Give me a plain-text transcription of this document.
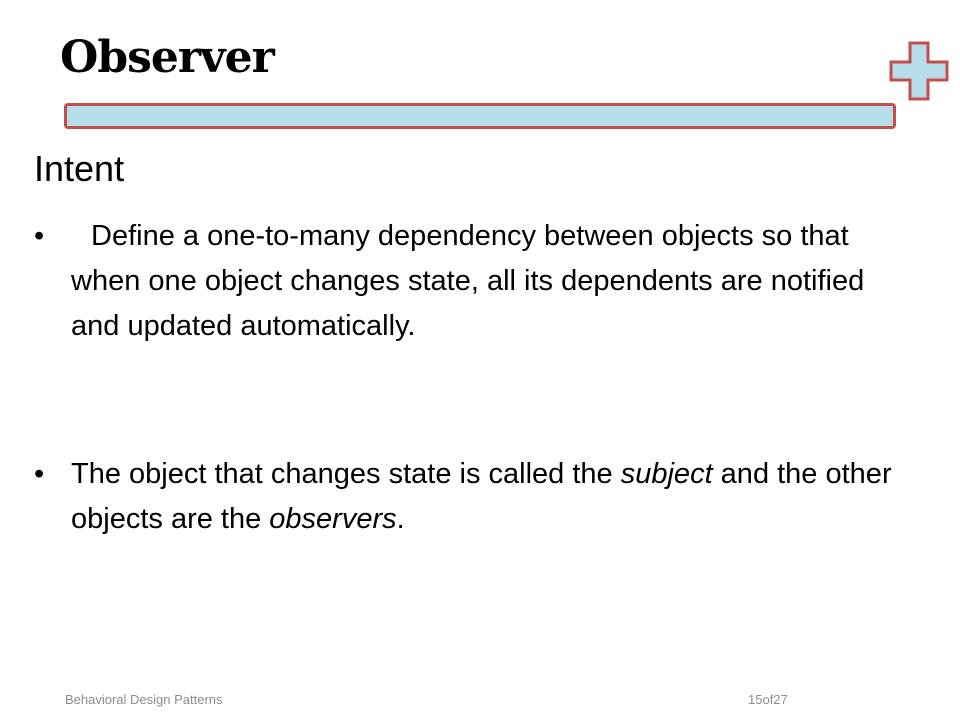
Observer
Intent
•	Define a one-to-many dependency between objects so that when one object changes state, all its dependents are notified and updated automatically.
• The object that changes state is called the subject and the other objects are the observers.
Behavioral Design Patterns	15of27
